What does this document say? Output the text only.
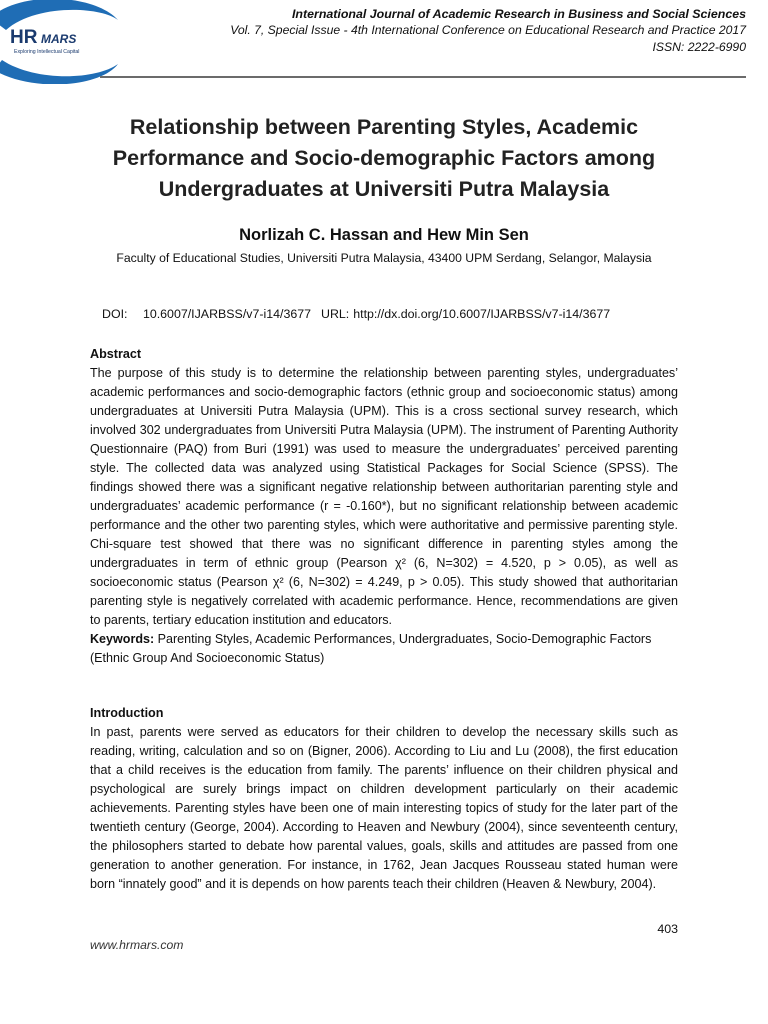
HR MARS
Exploring Intellectual Capital
International Journal of Academic Research in Business and Social Sciences
Vol. 7, Special Issue - 4th International Conference on Educational Research and Practice 2017
ISSN: 2222-6990
Relationship between Parenting Styles, Academic Performance and Socio-demographic Factors among Undergraduates at Universiti Putra Malaysia
Norlizah C. Hassan and Hew Min Sen
Faculty of Educational Studies, Universiti Putra Malaysia, 43400 UPM Serdang, Selangor, Malaysia
DOI: 10.6007/IJARBSS/v7-i14/3677 URL: http://dx.doi.org/10.6007/IJARBSS/v7-i14/3677
Abstract
The purpose of this study is to determine the relationship between parenting styles, undergraduates’ academic performances and socio-demographic factors (ethnic group and socioeconomic status) among undergraduates at Universiti Putra Malaysia (UPM). This is a cross sectional survey research, which involved 302 undergraduates from Universiti Putra Malaysia (UPM). The instrument of Parenting Authority Questionnaire (PAQ) from Buri (1991) was used to measure the undergraduates’ perceived parenting style. The collected data was analyzed using Statistical Packages for Social Science (SPSS). The findings showed there was a significant negative relationship between authoritarian parenting style and undergraduates’ academic performance (r = -0.160*), but no significant relationship between academic performance and the other two parenting styles, which were authoritative and permissive parenting style. Chi-square test showed that there was no significant difference in parenting styles among the undergraduates in term of ethnic group (Pearson χ² (6, N=302) = 4.520, p > 0.05), as well as socioeconomic status (Pearson χ² (6, N=302) = 4.249, p > 0.05). This study showed that authoritarian parenting style is negatively correlated with academic performance. Hence, recommendations are given to parents, tertiary education institution and educators.
Keywords: Parenting Styles, Academic Performances, Undergraduates, Socio-Demographic Factors (Ethnic Group And Socioeconomic Status)
Introduction
In past, parents were served as educators for their children to develop the necessary skills such as reading, writing, calculation and so on (Bigner, 2006). According to Liu and Lu (2008), the first education that a child receives is the education from family. The parents’ influence on their children physical and psychological are surely brings impact on children development particularly on their academic achievements. Parenting styles have been one of main interesting topics of study for the later part of the twentieth century (George, 2004). According to Heaven and Newbury (2004), since seventeenth century, the philosophers started to debate how parental values, goals, skills and attitudes are passed from one generation to another generation. For instance, in 1762, Jean Jacques Rousseau stated human were born “innately good” and it is depends on how parents teach their children (Heaven & Newbury, 2004).
403
www.hrmars.com
